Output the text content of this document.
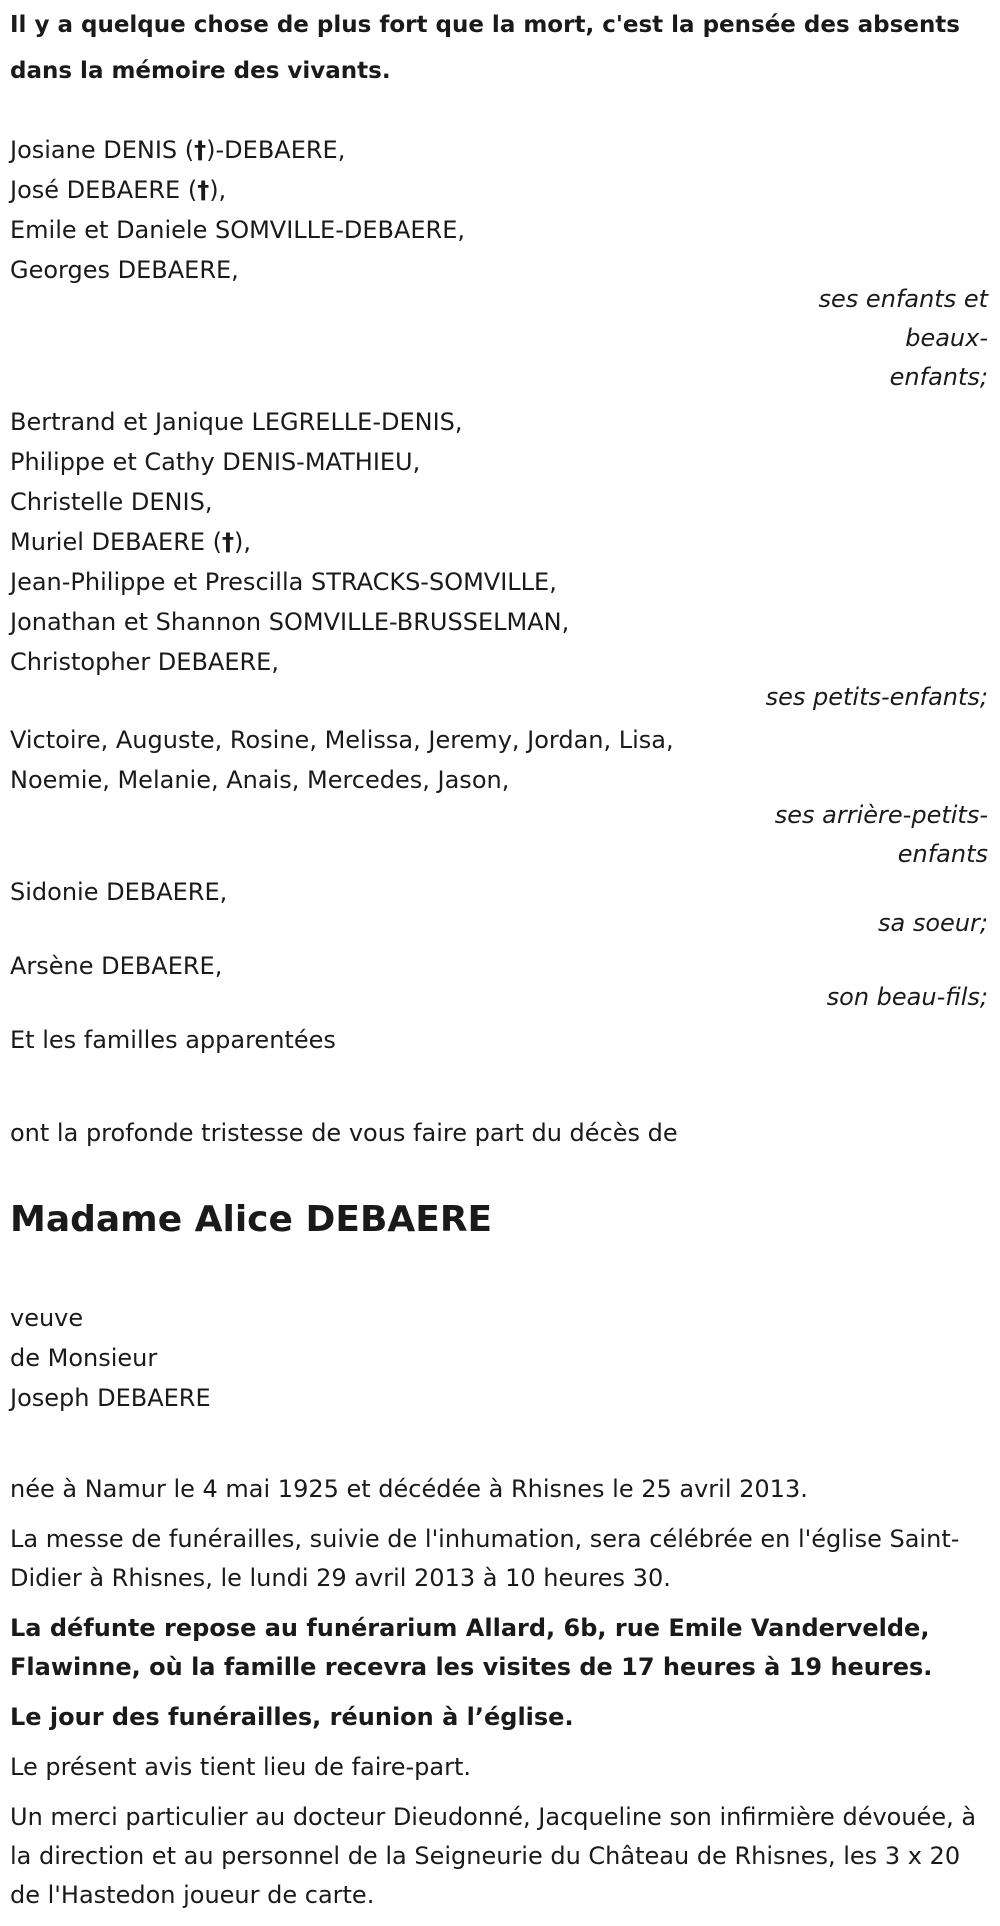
Il y a quelque chose de plus fort que la mort, c'est la pensée des absents

dans la mémoire des vivants.

Josiane DENIS (†)-DEBAERE,
José DEBAERE (†),
Emile et Daniele SOMVILLE-DEBAERE,
Georges DEBAERE,
ses enfants et beaux-enfants;
Bertrand et Janique LEGRELLE-DENIS,
Philippe et Cathy DENIS-MATHIEU,
Christelle DENIS,
Muriel DEBAERE (†),
Jean-Philippe et Prescilla STRACKS-SOMVILLE,
Jonathan et Shannon SOMVILLE-BRUSSELMAN,
Christopher DEBAERE,
ses petits-enfants;
Victoire, Auguste, Rosine, Melissa, Jeremy, Jordan, Lisa,
Noemie, Melanie, Anais, Mercedes, Jason,
ses arrière-petits-enfants
Sidonie DEBAERE,
sa soeur;
Arsène DEBAERE,
son beau-fils;
Et les familles apparentées

ont la profonde tristesse de vous faire part du décès de

Madame Alice DEBAERE
veuve
de Monsieur
Joseph DEBAERE

née à Namur le 4 mai 1925 et décédée à Rhisnes le 25 avril 2013.

La messe de funérailles, suivie de l'inhumation, sera célébrée en l'église Saint-Didier à Rhisnes, le lundi 29 avril 2013 à 10 heures 30.

La défunte repose au funérarium Allard, 6b, rue Emile Vandervelde, Flawinne, où la famille recevra les visites de 17 heures à 19 heures.

Le jour des funérailles, réunion à l’église.

Le présent avis tient lieu de faire-part.

Un merci particulier au docteur Dieudonné, Jacqueline son infirmière dévouée, à la direction et au personnel de la Seigneurie du Château de Rhisnes, les 3 x 20 de l'Hastedon joueur de carte.
